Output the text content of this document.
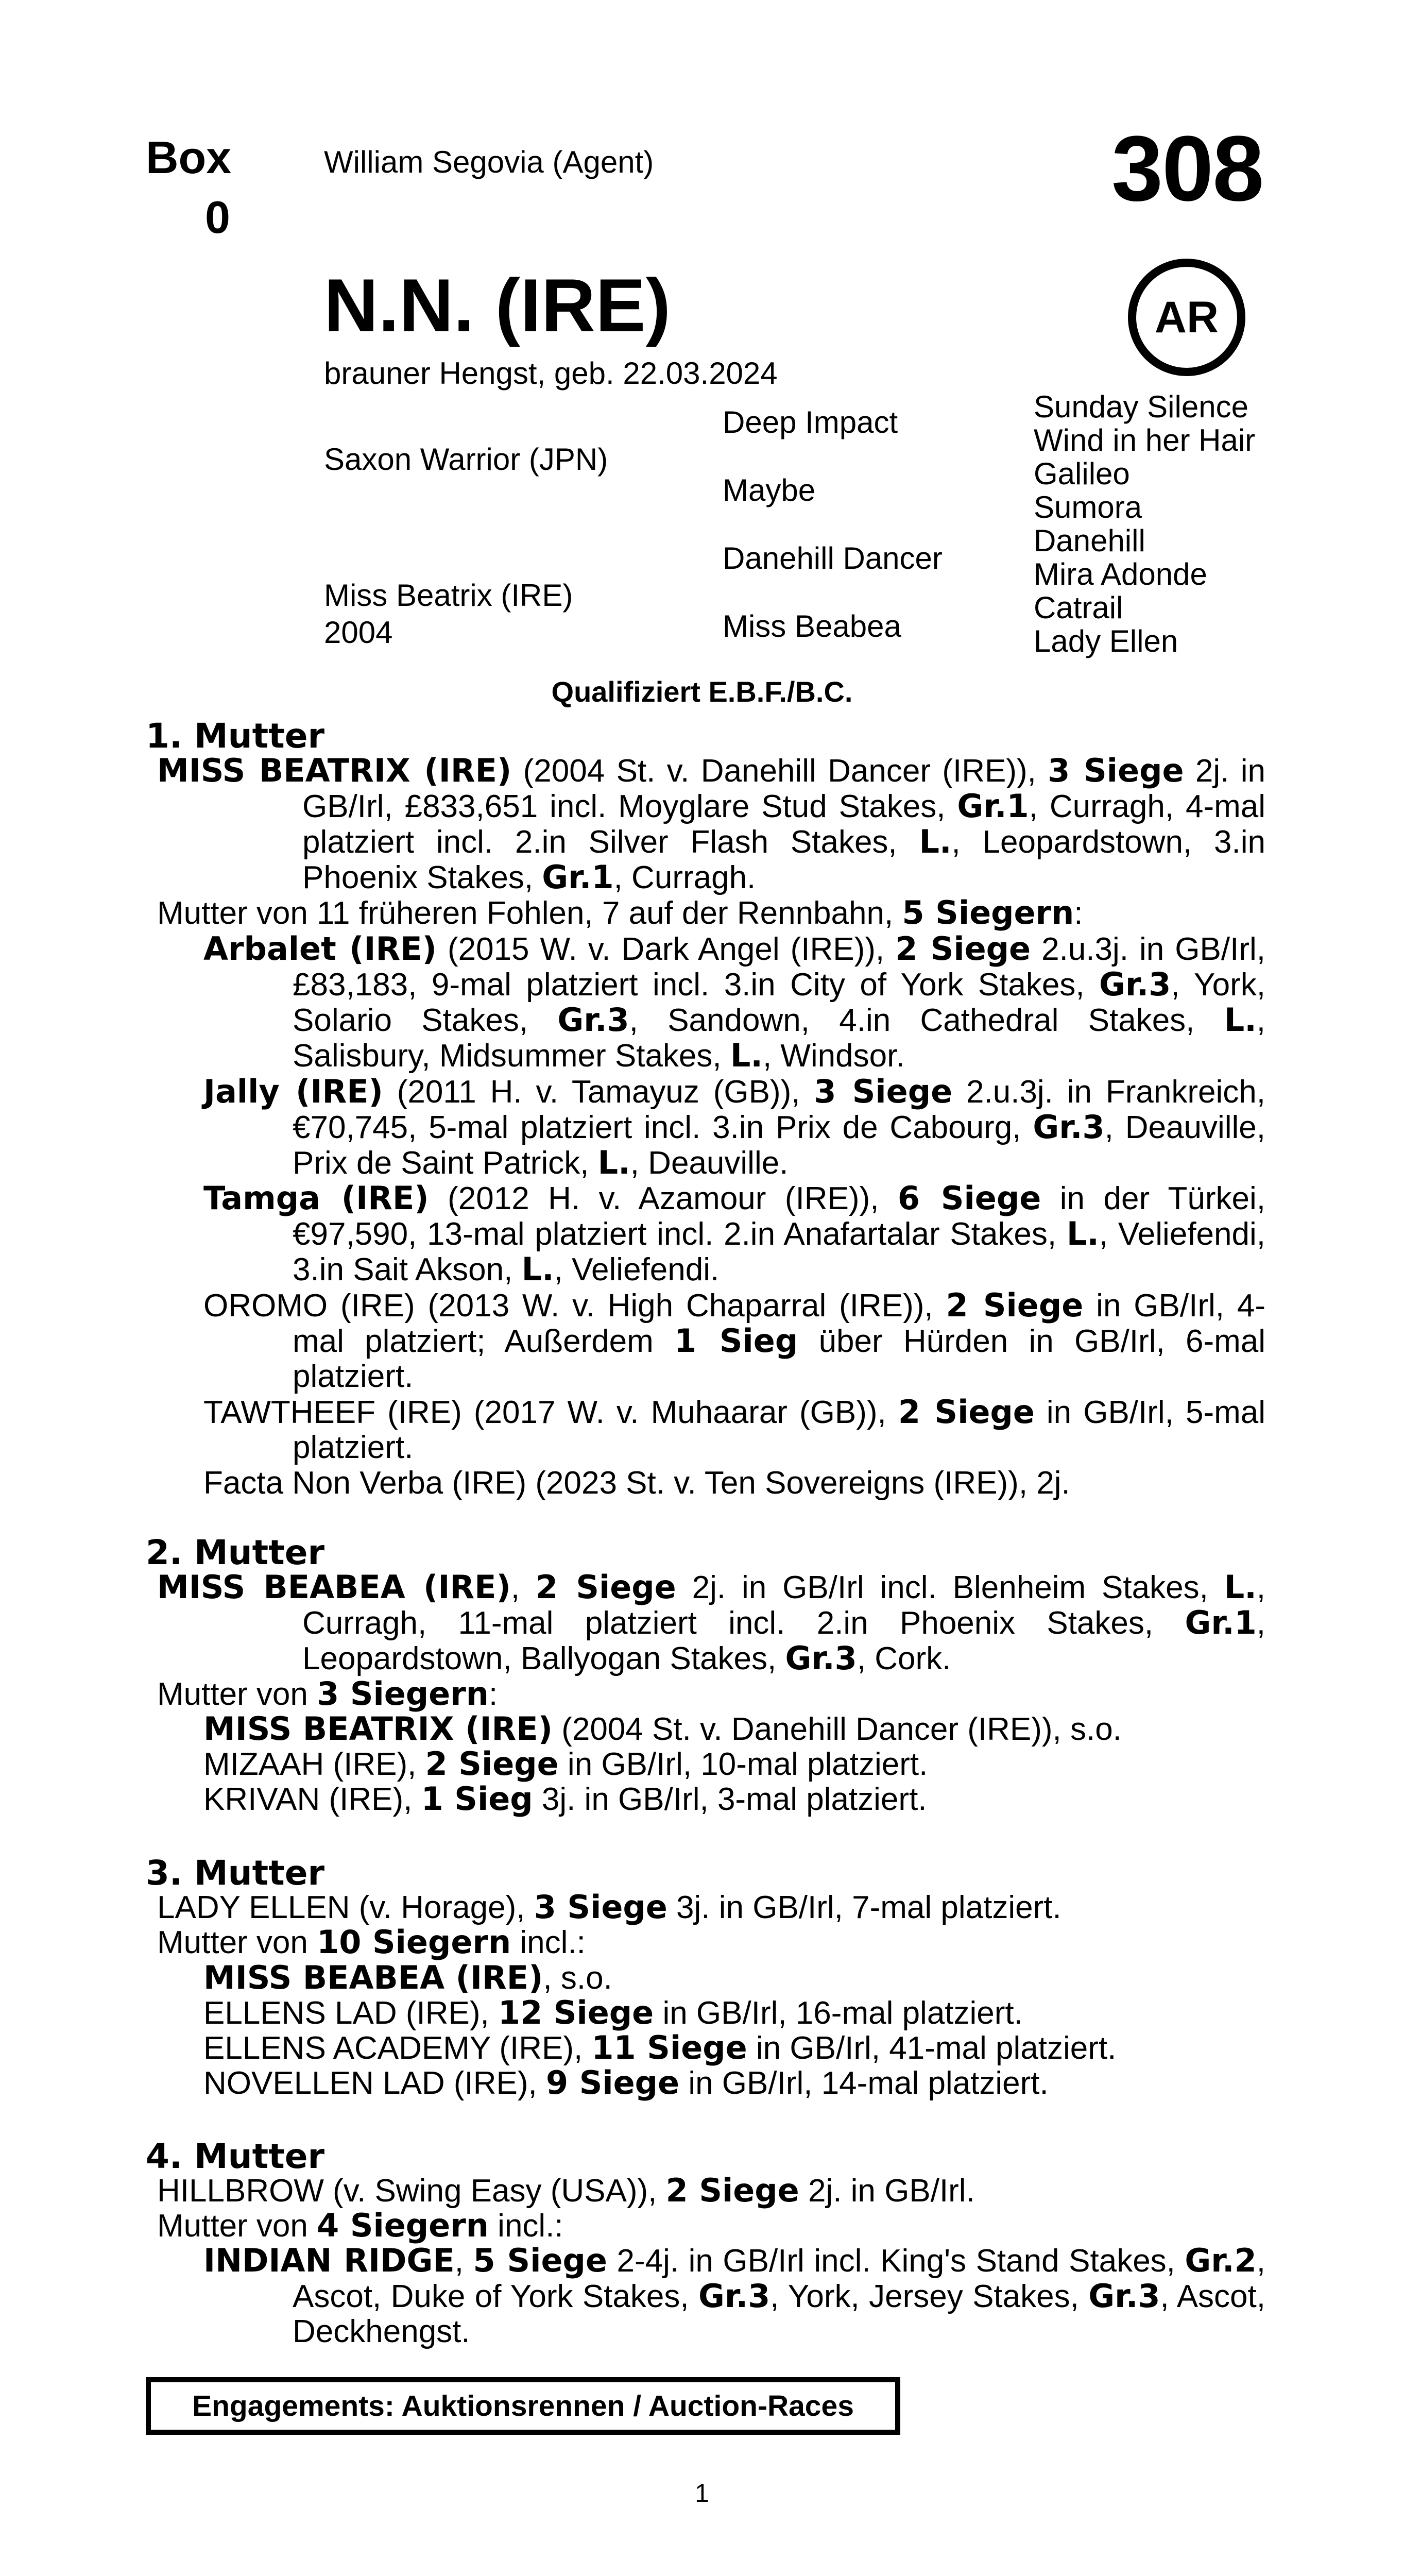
Box
0
William Segovia (Agent)	308
AR
N.N. (IRE)
brauner Hengst, geb. 22.03.2024
Saxon Warrior (JPN)
Miss Beatrix (IRE)
2004
Deep Impact
Maybe
Danehill Dancer
Miss Beabea
Sunday Silence
Wind in her Hair
Galileo
Sumora
Danehill
Mira Adonde
Catrail
Lady Ellen
Qualifiziert E.B.F./B.C.
1. Mutter
MISS BEATRIX (IRE) (2004 St. v. Danehill Dancer (IRE)), 3 Siege 2j. in GB/Irl, £833,651 incl. Moyglare Stud Stakes, Gr.1, Curragh, 4-mal platziert incl. 2.in Silver Flash Stakes, L., Leopardstown, 3.in Phoenix Stakes, Gr.1, Curragh.
Mutter von 11 früheren Fohlen, 7 auf der Rennbahn, 5 Siegern:
Arbalet (IRE) (2015 W. v. Dark Angel (IRE)), 2 Siege 2.u.3j. in GB/Irl, £83,183, 9-mal platziert incl. 3.in City of York Stakes, Gr.3, York, Solario Stakes, Gr.3, Sandown, 4.in Cathedral Stakes, L., Salisbury, Midsummer Stakes, L., Windsor.
Jally (IRE) (2011 H. v. Tamayuz (GB)), 3 Siege 2.u.3j. in Frankreich, €70,745, 5-mal platziert incl. 3.in Prix de Cabourg, Gr.3, Deauville, Prix de Saint Patrick, L., Deauville.
Tamga (IRE) (2012 H. v. Azamour (IRE)), 6 Siege in der Türkei, €97,590, 13-mal platziert incl. 2.in Anafartalar Stakes, L., Veliefendi, 3.in Sait Akson, L., Veliefendi.
OROMO (IRE) (2013 W. v. High Chaparral (IRE)), 2 Siege in GB/Irl, 4-mal platziert; Außerdem 1 Sieg über Hürden in GB/Irl, 6-mal platziert.
TAWTHEEF (IRE) (2017 W. v. Muhaarar (GB)), 2 Siege in GB/Irl, 5-mal platziert.
Facta Non Verba (IRE) (2023 St. v. Ten Sovereigns (IRE)), 2j.
2. Mutter
MISS BEABEA (IRE), 2 Siege 2j. in GB/Irl incl. Blenheim Stakes, L., Curragh, 11-mal platziert incl. 2.in Phoenix Stakes, Gr.1, Leopardstown, Ballyogan Stakes, Gr.3, Cork.
Mutter von 3 Siegern:
MISS BEATRIX (IRE) (2004 St. v. Danehill Dancer (IRE)), s.o.
MIZAAH (IRE), 2 Siege in GB/Irl, 10-mal platziert.
KRIVAN (IRE), 1 Sieg 3j. in GB/Irl, 3-mal platziert.
3. Mutter
LADY ELLEN (v. Horage), 3 Siege 3j. in GB/Irl, 7-mal platziert.
Mutter von 10 Siegern incl.:
MISS BEABEA (IRE), s.o.
ELLENS LAD (IRE), 12 Siege in GB/Irl, 16-mal platziert.
ELLENS ACADEMY (IRE), 11 Siege in GB/Irl, 41-mal platziert.
NOVELLEN LAD (IRE), 9 Siege in GB/Irl, 14-mal platziert.
4. Mutter
HILLBROW (v. Swing Easy (USA)), 2 Siege 2j. in GB/Irl.
Mutter von 4 Siegern incl.:
INDIAN RIDGE, 5 Siege 2-4j. in GB/Irl incl. King's Stand Stakes, Gr.2, Ascot, Duke of York Stakes, Gr.3, York, Jersey Stakes, Gr.3, Ascot, Deckhengst.
Engagements: Auktionsrennen / Auction-Races
1
